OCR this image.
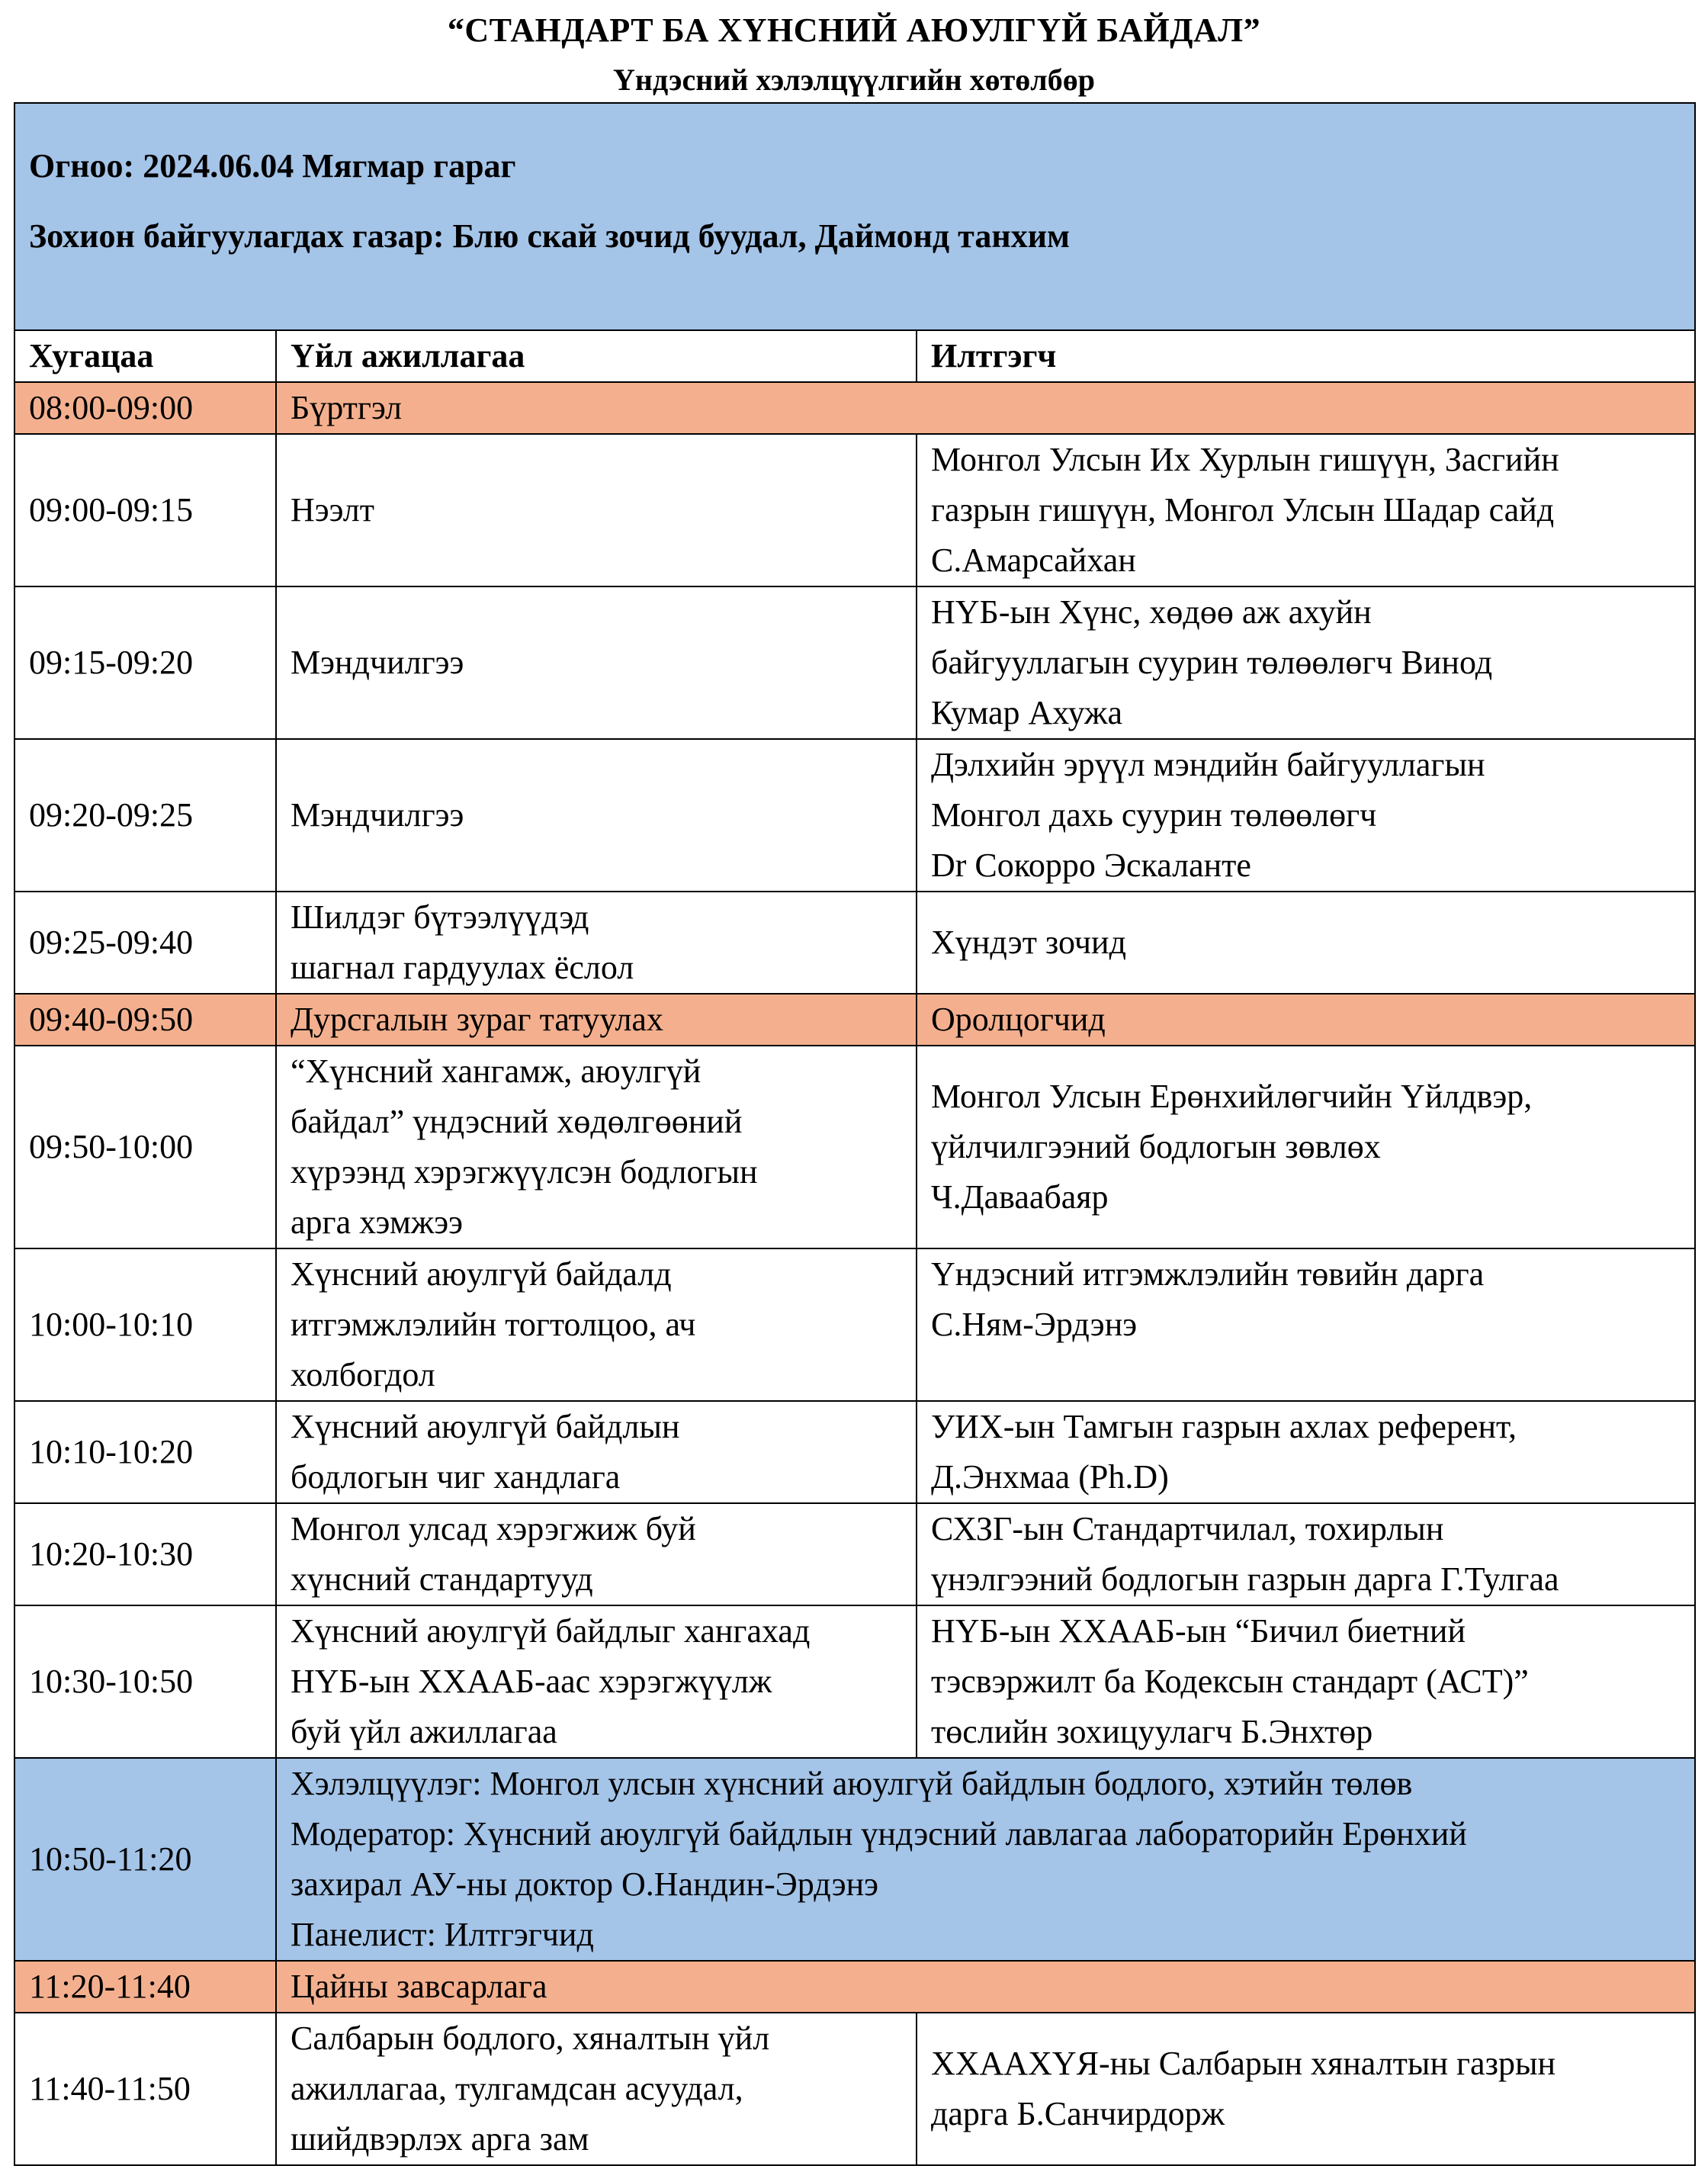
“СТАНДАРТ БА ХҮНСНИЙ АЮУЛГҮЙ БАЙДАЛ”
Үндэсний хэлэлцүүлгийн хөтөлбөр

Огноо: 2024.06.04 Мягмар гараг

Зохион байгуулагдах газар: Блю скай зочид буудал, Даймонд танхим		

Хугацаа	Үйл ажиллагаа	Илтгэгч
08:00-09:00	Бүртгэл	

09:00-09:15	Нээлт	Монгол Улсын Их Хурлын гишүүн, Засгийн
газрын гишүүн, Монгол Улсын Шадар сайд
С.Амарсайхан

09:15-09:20	Мэндчилгээ	НҮБ-ын Хүнс, хөдөө аж ахуйн
байгууллагын суурин төлөөлөгч Винод
Кумар Ахужа

09:20-09:25	Мэндчилгээ	Дэлхийн эрүүл мэндийн байгууллагын
Монгол дахь суурин төлөөлөгч
Dr Сокорро Эскаланте

09:25-09:40	Шилдэг бүтээлүүдэд
шагнал гардуулах ёслол	Хүндэт зочид

09:40-09:50	Дурсгалын зураг татуулах	Оролцогчид

09:50-10:00	“Хүнсний хангамж, аюулгүй
байдал” үндэсний хөдөлгөөний
хүрээнд хэрэгжүүлсэн бодлогын
арга хэмжээ	Монгол Улсын Ерөнхийлөгчийн Үйлдвэр,
үйлчилгээний бодлогын зөвлөх
Ч.Даваабаяр

10:00-10:10	Хүнсний аюулгүй байдалд
итгэмжлэлийн тогтолцоо, ач
холбогдол	Үндэсний итгэмжлэлийн төвийн дарга
С.Ням-Эрдэнэ

10:10-10:20	Хүнсний аюулгүй байдлын
бодлогын чиг хандлага	УИХ-ын Тамгын газрын ахлах референт,
Д.Энхмаа (Ph.D)

10:20-10:30	Монгол улсад хэрэгжиж буй
хүнсний стандартууд	СХЗГ-ын Стандартчилал, тохирлын
үнэлгээний бодлогын газрын дарга Г.Тулгаа

10:30-10:50	Хүнсний аюулгүй байдлыг хангахад
НҮБ-ын ХХААБ-аас хэрэгжүүлж
буй үйл ажиллагаа	НҮБ-ын ХХААБ-ын “Бичил биетний
тэсвэржилт ба Кодексын стандарт (АСТ)”
төслийн зохицуулагч Б.Энхтөр

10:50-11:20	Хэлэлцүүлэг: Монгол улсын хүнсний аюулгүй байдлын бодлого, хэтийн төлөв
Модератор: Хүнсний аюулгүй байдлын үндэсний лавлагаа лабораторийн Ерөнхий
захирал АУ-ны доктор О.Нандин-Эрдэнэ
Панелист: Илтгэгчид	

11:20-11:40	Цайны завсарлага	

11:40-11:50	Салбарын бодлого, хяналтын үйл
ажиллагаа, тулгамдсан асуудал,
шийдвэрлэх арга зам	ХХААХҮЯ-ны Салбарын хяналтын газрын
дарга Б.Санчирдорж
